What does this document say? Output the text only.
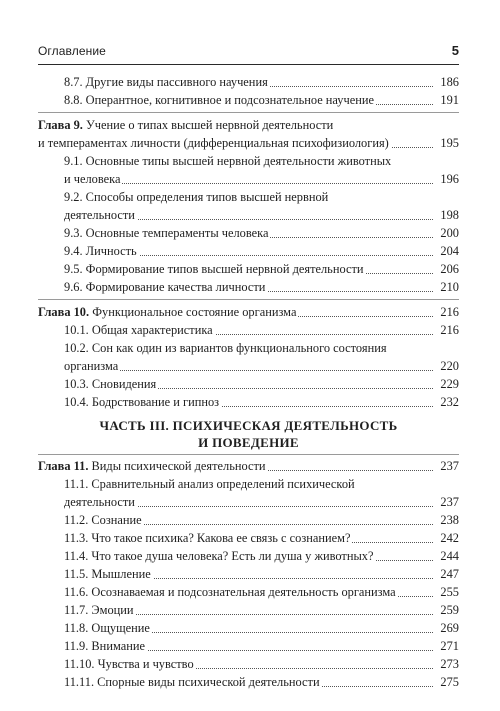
Оглавление	5
8.7. Другие виды пассивного научения	186
8.8. Оперантное, когнитивное и подсознательное научение	191
Глава 9. Учение о типах высшей нервной деятельности
и темпераментах личности (дифференциальная психофизиология)	195
9.1. Основные типы высшей нервной деятельности животных
и человека	196
9.2. Способы определения типов высшей нервной
деятельности	198
9.3. Основные темпераменты человека	200
9.4. Личность	204
9.5. Формирование типов высшей нервной деятельности	206
9.6. Формирование качества личности	210
Глава 10. Функциональное состояние организма	216
10.1. Общая характеристика	216
10.2. Сон как один из вариантов функционального состояния
организма	220
10.3. Сновидения	229
10.4. Бодрствование и гипноз	232
ЧАСТЬ III. ПСИХИЧЕСКАЯ ДЕЯТЕЛЬНОСТЬ
И ПОВЕДЕНИЕ
Глава 11. Виды психической деятельности	237
11.1. Сравнительный анализ определений психической
деятельности	237
11.2. Сознание	238
11.3. Что такое психика? Какова ее связь с сознанием?	242
11.4. Что такое душа человека? Есть ли душа у животных?	244
11.5. Мышление	247
11.6. Осознаваемая и подсознательная деятельность организма	255
11.7. Эмоции	259
11.8. Ощущение	269
11.9. Внимание	271
11.10. Чувства и чувство	273
11.11. Спорные виды психической деятельности	275
